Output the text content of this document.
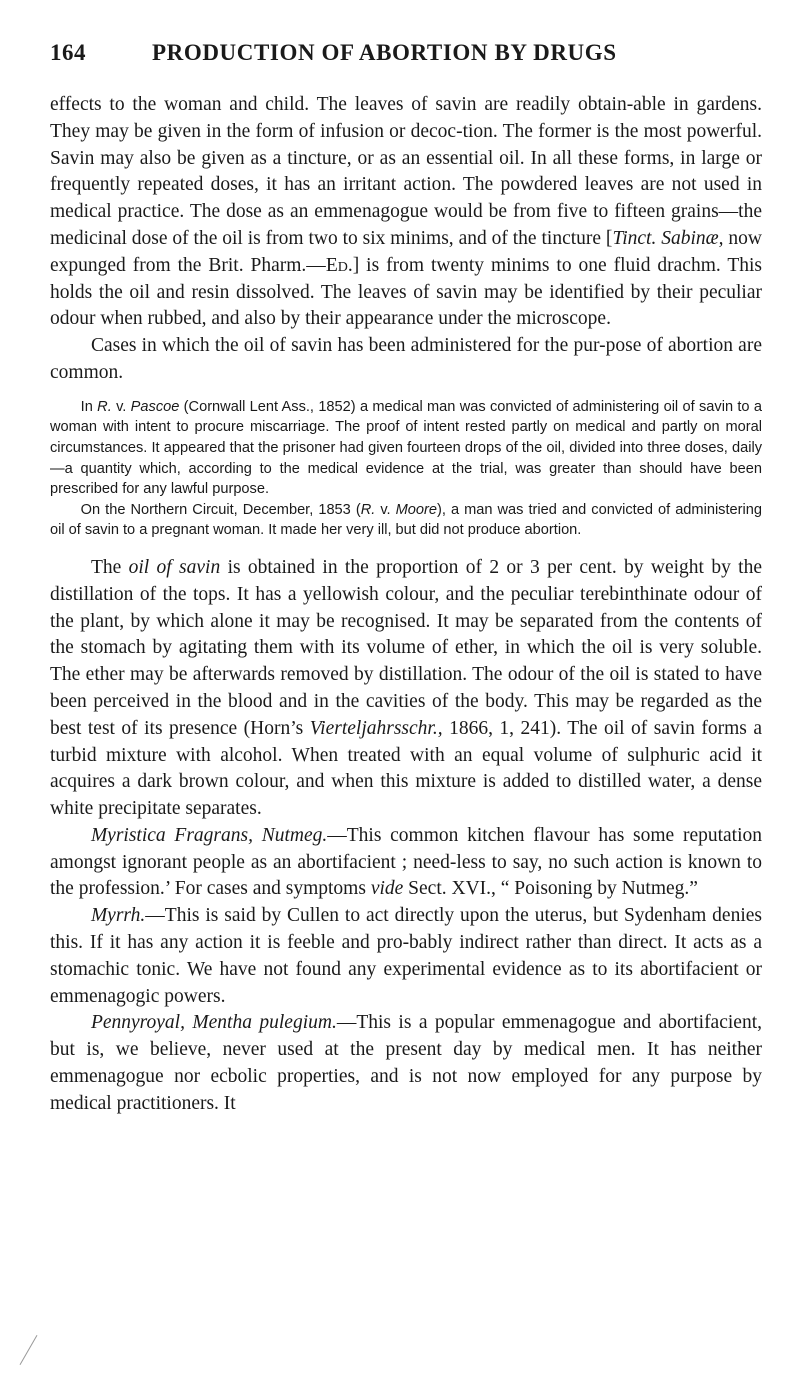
164	PRODUCTION OF ABORTION BY DRUGS

effects to the woman and child. The leaves of savin are readily obtain-able in gardens. They may be given in the form of infusion or decoc-tion. The former is the most powerful. Savin may also be given as a tincture, or as an essential oil. In all these forms, in large or frequently repeated doses, it has an irritant action. The powdered leaves are not used in medical practice. The dose as an emmenagogue would be from five to fifteen grains—the medicinal dose of the oil is from two to six minims, and of the tincture [Tinct. Sabinæ, now expunged from the Brit. Pharm.—Ed.] is from twenty minims to one fluid drachm. This holds the oil and resin dissolved. The leaves of savin may be identified by their peculiar odour when rubbed, and also by their appearance under the microscope.

Cases in which the oil of savin has been administered for the pur-pose of abortion are common.

In R. v. Pascoe (Cornwall Lent Ass., 1852) a medical man was convicted of administering oil of savin to a woman with intent to procure miscarriage. The proof of intent rested partly on medical and partly on moral circumstances. It appeared that the prisoner had given fourteen drops of the oil, divided into three doses, daily—a quantity which, according to the medical evidence at the trial, was greater than should have been prescribed for any lawful purpose.

On the Northern Circuit, December, 1853 (R. v. Moore), a man was tried and convicted of administering oil of savin to a pregnant woman. It made her very ill, but did not produce abortion.

The oil of savin is obtained in the proportion of 2 or 3 per cent. by weight by the distillation of the tops. It has a yellowish colour, and the peculiar terebinthinate odour of the plant, by which alone it may be recognised. It may be separated from the contents of the stomach by agitating them with its volume of ether, in which the oil is very soluble. The ether may be afterwards removed by distillation. The odour of the oil is stated to have been perceived in the blood and in the cavities of the body. This may be regarded as the best test of its presence (Horn’s Vierteljahrsschr., 1866, 1, 241). The oil of savin forms a turbid mixture with alcohol. When treated with an equal volume of sulphuric acid it acquires a dark brown colour, and when this mixture is added to distilled water, a dense white precipitate separates.

Myristica Fragrans, Nutmeg.—This common kitchen flavour has some reputation amongst ignorant people as an abortifacient ; need-less to say, no such action is known to the profession.’ For cases and symptoms vide Sect. XVI., “ Poisoning by Nutmeg.”

Myrrh.—This is said by Cullen to act directly upon the uterus, but Sydenham denies this. If it has any action it is feeble and pro-bably indirect rather than direct. It acts as a stomachic tonic. We have not found any experimental evidence as to its abortifacient or emmenagogic powers.

Pennyroyal, Mentha pulegium.—This is a popular emmenagogue and abortifacient, but is, we believe, never used at the present day by medical men. It has neither emmenagogue nor ecbolic properties, and is not now employed for any purpose by medical practitioners. It
